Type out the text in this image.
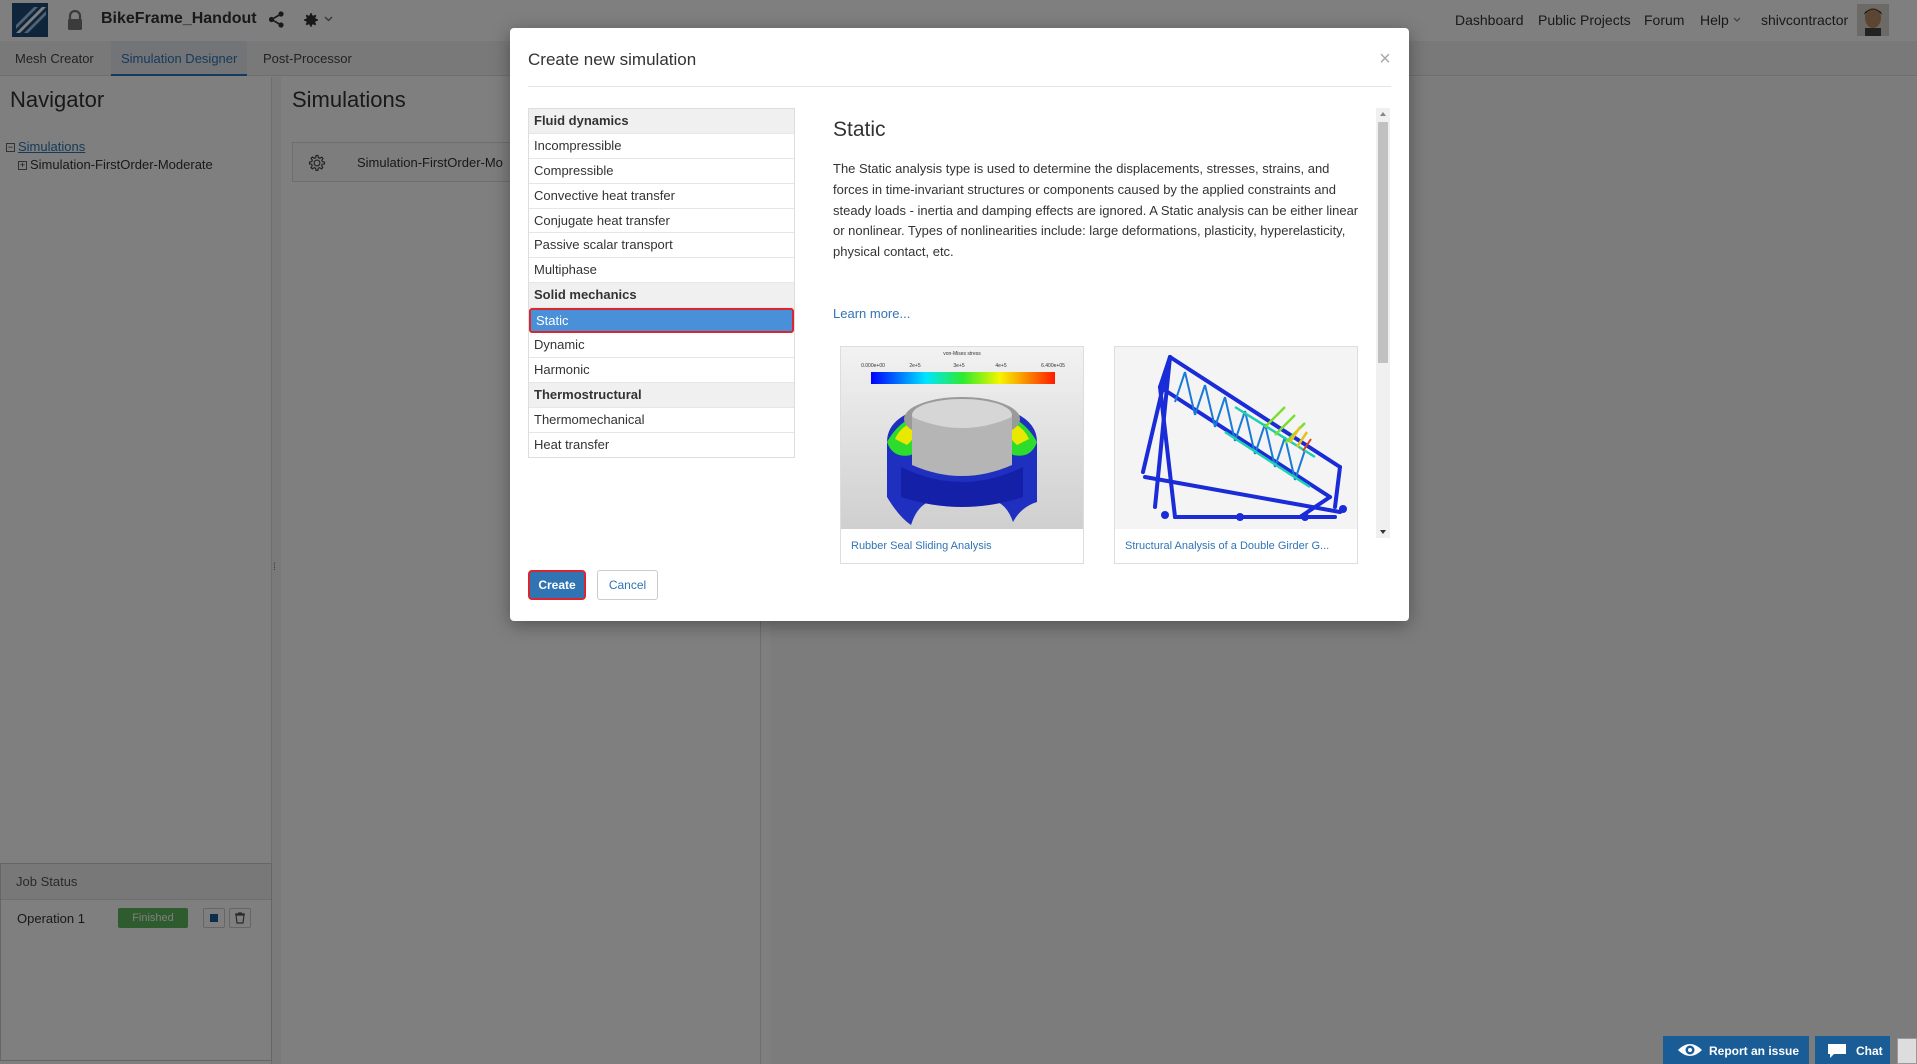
Create new simulation	×
Fluid dynamics
Incompressible
Compressible
Convective heat transfer
Conjugate heat transfer
Passive scalar transport
Multiphase
Solid mechanics
Static
Dynamic
Harmonic
Thermostructural
Thermomechanical
Heat transfer
Static
The Static analysis type is used to determine the displacements, stresses, strains, and forces in time-invariant structures or components caused by the applied constraints and steady loads - inertia and damping effects are ignored. A Static analysis can be either linear or nonlinear. Types of nonlinearities include: large deformations, plasticity, hyperelasticity, physical contact, etc.
Learn more...
von-Mises stress
0.000e+00	2e+5	3e+5	4e+5	6.400e+05
Rubber Seal Sliding Analysis	Structural Analysis of a Double Girder G...
Create	Cancel
Report an issue	Chat
